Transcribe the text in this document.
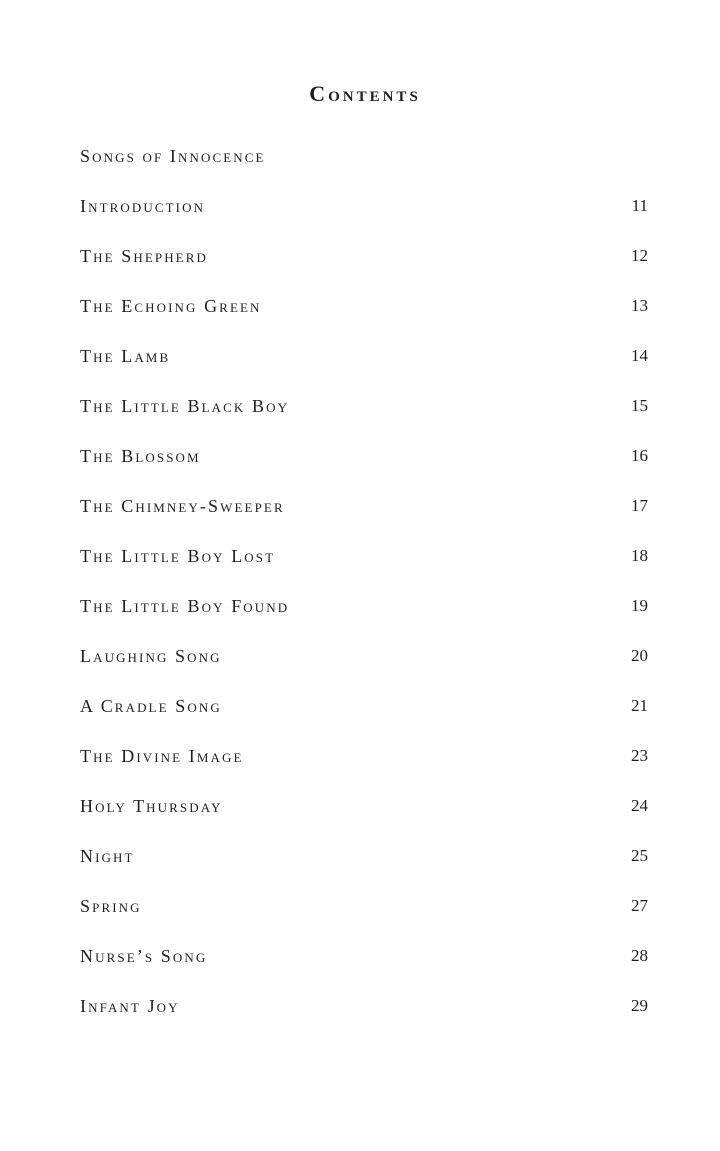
Contents
Songs of Innocence
Introduction	11
The Shepherd	12
The Echoing Green	13
The Lamb	14
The Little Black Boy	15
The Blossom	16
The Chimney-Sweeper	17
The Little Boy Lost	18
The Little Boy Found	19
Laughing Song	20
A Cradle Song	21
The Divine Image	23
Holy Thursday	24
Night	25
Spring	27
Nurse’s Song	28
Infant Joy	29
